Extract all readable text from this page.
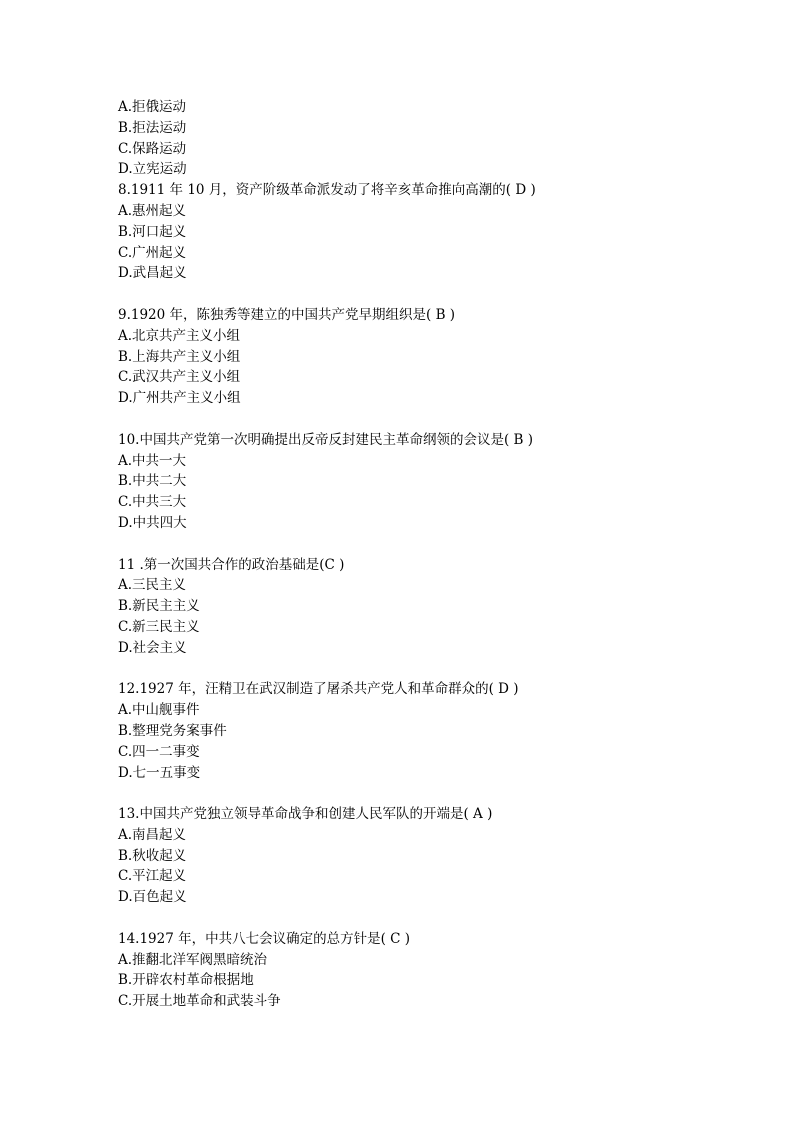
A.拒俄运动
B.拒法运动
C.保路运动
D.立宪运动
8.1911 年 10 月，资产阶级革命派发动了将辛亥革命推向高潮的( D )
A.惠州起义
B.河口起义
C.广州起义
D.武昌起义
9.1920 年，陈独秀等建立的中国共产党早期组织是( B )
A.北京共产主义小组
B.上海共产主义小组
C.武汉共产主义小组
D.广州共产主义小组
10.中国共产党第一次明确提出反帝反封建民主革命纲领的会议是( B )
A.中共一大
B.中共二大
C.中共三大
D.中共四大
11 .第一次国共合作的政治基础是(C )
A.三民主义
B.新民主主义
C.新三民主义
D.社会主义
12.1927 年，汪精卫在武汉制造了屠杀共产党人和革命群众的( D )
A.中山舰事件
B.整理党务案事件
C.四一二事变
D.七一五事变
13.中国共产党独立领导革命战争和创建人民军队的开端是( A )
A.南昌起义
B.秋收起义
C.平江起义
D.百色起义
14.1927 年，中共八七会议确定的总方针是( C )
A.推翻北洋军阀黑暗统治
B.开辟农村革命根据地
C.开展土地革命和武装斗争
